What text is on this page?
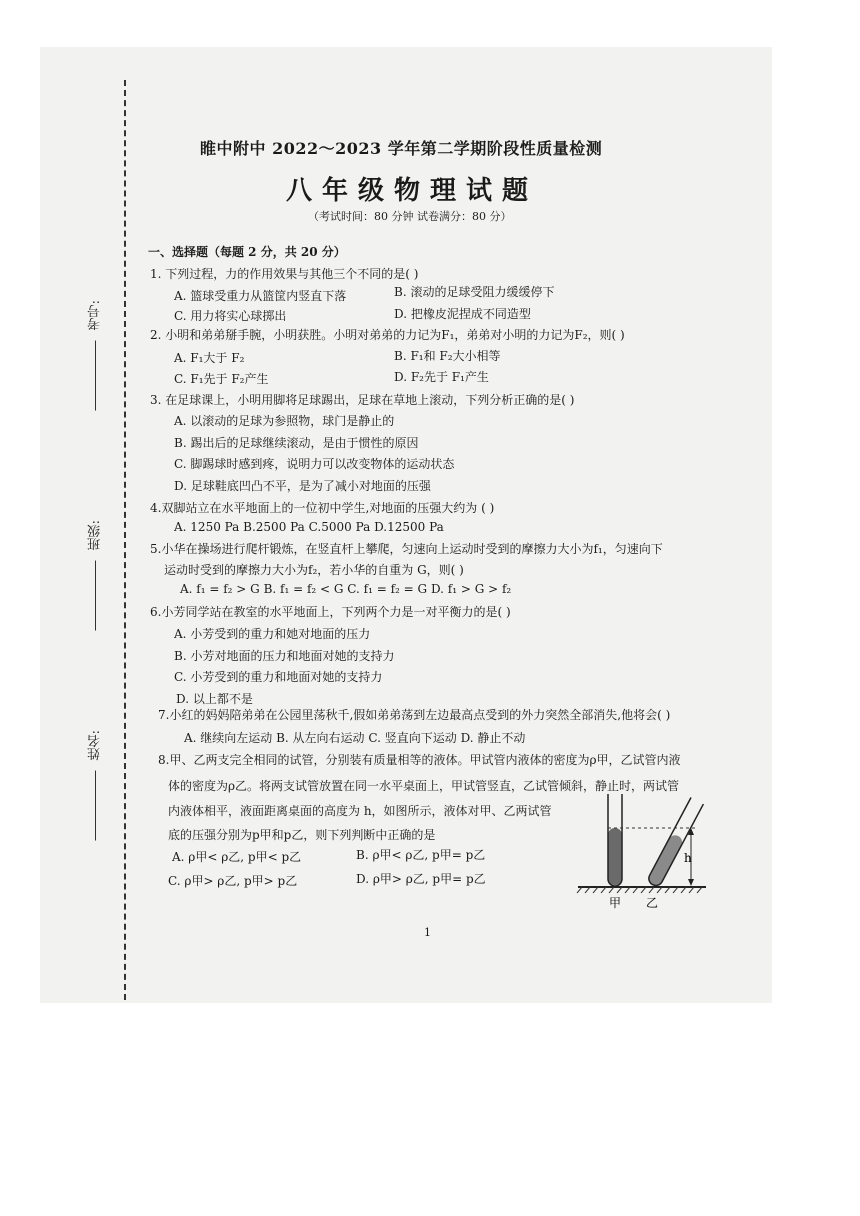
考号:
班级:
姓名:
睢中附中 2022～2023 学年第二学期阶段性质量检测
八年级物理试题
（考试时间：80 分钟 试卷满分：80 分）
一、选择题（每题 2 分，共 20 分）
1. 下列过程，力的作用效果与其他三个不同的是( )
A. 篮球受重力从篮筐内竖直下落	B. 滚动的足球受阻力缓缓停下
C. 用力将实心球掷出	D. 把橡皮泥捏成不同造型
2. 小明和弟弟掰手腕，小明获胜。小明对弟弟的力记为F₁，弟弟对小明的力记为F₂，则( )
A. F₁大于 F₂	B. F₁和 F₂大小相等
C. F₁先于 F₂产生	D. F₂先于 F₁产生
3. 在足球课上，小明用脚将足球踢出，足球在草地上滚动，下列分析正确的是( )
A. 以滚动的足球为参照物，球门是静止的
B. 踢出后的足球继续滚动，是由于惯性的原因
C. 脚踢球时感到疼，说明力可以改变物体的运动状态
D. 足球鞋底凹凸不平，是为了减小对地面的压强
4.双脚站立在水平地面上的一位初中学生,对地面的压强大约为 ( )
A. 1250 Pa B.2500 Pa C.5000 Pa D.12500 Pa
5.小华在操场进行爬杆锻炼，在竖直杆上攀爬，匀速向上运动时受到的摩擦力大小为f₁，匀速向下
运动时受到的摩擦力大小为f₂，若小华的自重为 G，则( )
A. f₁ = f₂ > G B. f₁ = f₂ < G C. f₁ = f₂ = G D. f₁ > G > f₂
6.小芳同学站在教室的水平地面上，下列两个力是一对平衡力的是( )
A. 小芳受到的重力和她对地面的压力
B. 小芳对地面的压力和地面对她的支持力
C. 小芳受到的重力和地面对她的支持力
D. 以上都不是
7.小红的妈妈陪弟弟在公园里荡秋千,假如弟弟荡到左边最高点受到的外力突然全部消失,他将会( )
A. 继续向左运动 B. 从左向右运动 C. 竖直向下运动 D. 静止不动
8.甲、乙两支完全相同的试管，分别装有质量相等的液体。甲试管内液体的密度为ρ甲，乙试管内液
体的密度为ρ乙。将两支试管放置在同一水平桌面上，甲试管竖直，乙试管倾斜，静止时，两试管
内液体相平，液面距离桌面的高度为 h，如图所示，液体对甲、乙两试管
底的压强分别为p甲和p乙，则下列判断中正确的是
A. ρ甲< ρ乙, p甲< p乙	B. ρ甲< ρ乙, p甲= p乙
C. ρ甲> ρ乙, p甲> p乙	D. ρ甲> ρ乙, p甲= p乙
h
甲 乙
1
